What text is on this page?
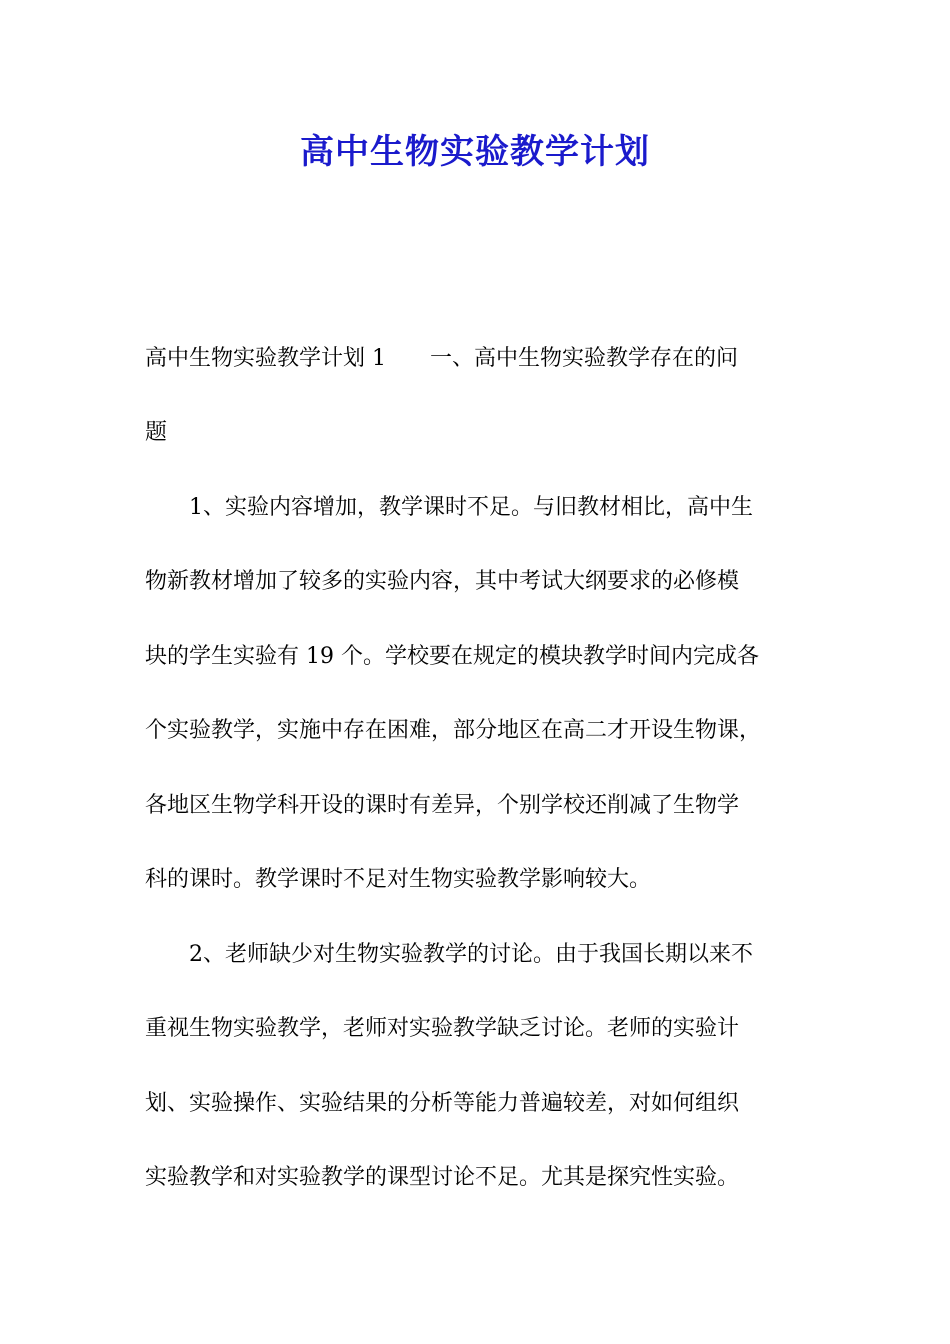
高中生物实验教学计划
高中生物实验教学计划 1　　一、高中生物实验教学存在的问
题
　　1、实验内容增加，教学课时不足。与旧教材相比，高中生
物新教材增加了较多的实验内容，其中考试大纲要求的必修模
块的学生实验有 19 个。学校要在规定的模块教学时间内完成各
个实验教学，实施中存在困难，部分地区在高二才开设生物课，
各地区生物学科开设的课时有差异，个别学校还削减了生物学
科的课时。教学课时不足对生物实验教学影响较大。
　　2、老师缺少对生物实验教学的讨论。由于我国长期以来不
重视生物实验教学，老师对实验教学缺乏讨论。老师的实验计
划、实验操作、实验结果的分析等能力普遍较差，对如何组织
实验教学和对实验教学的课型讨论不足。尤其是探究性实验。
